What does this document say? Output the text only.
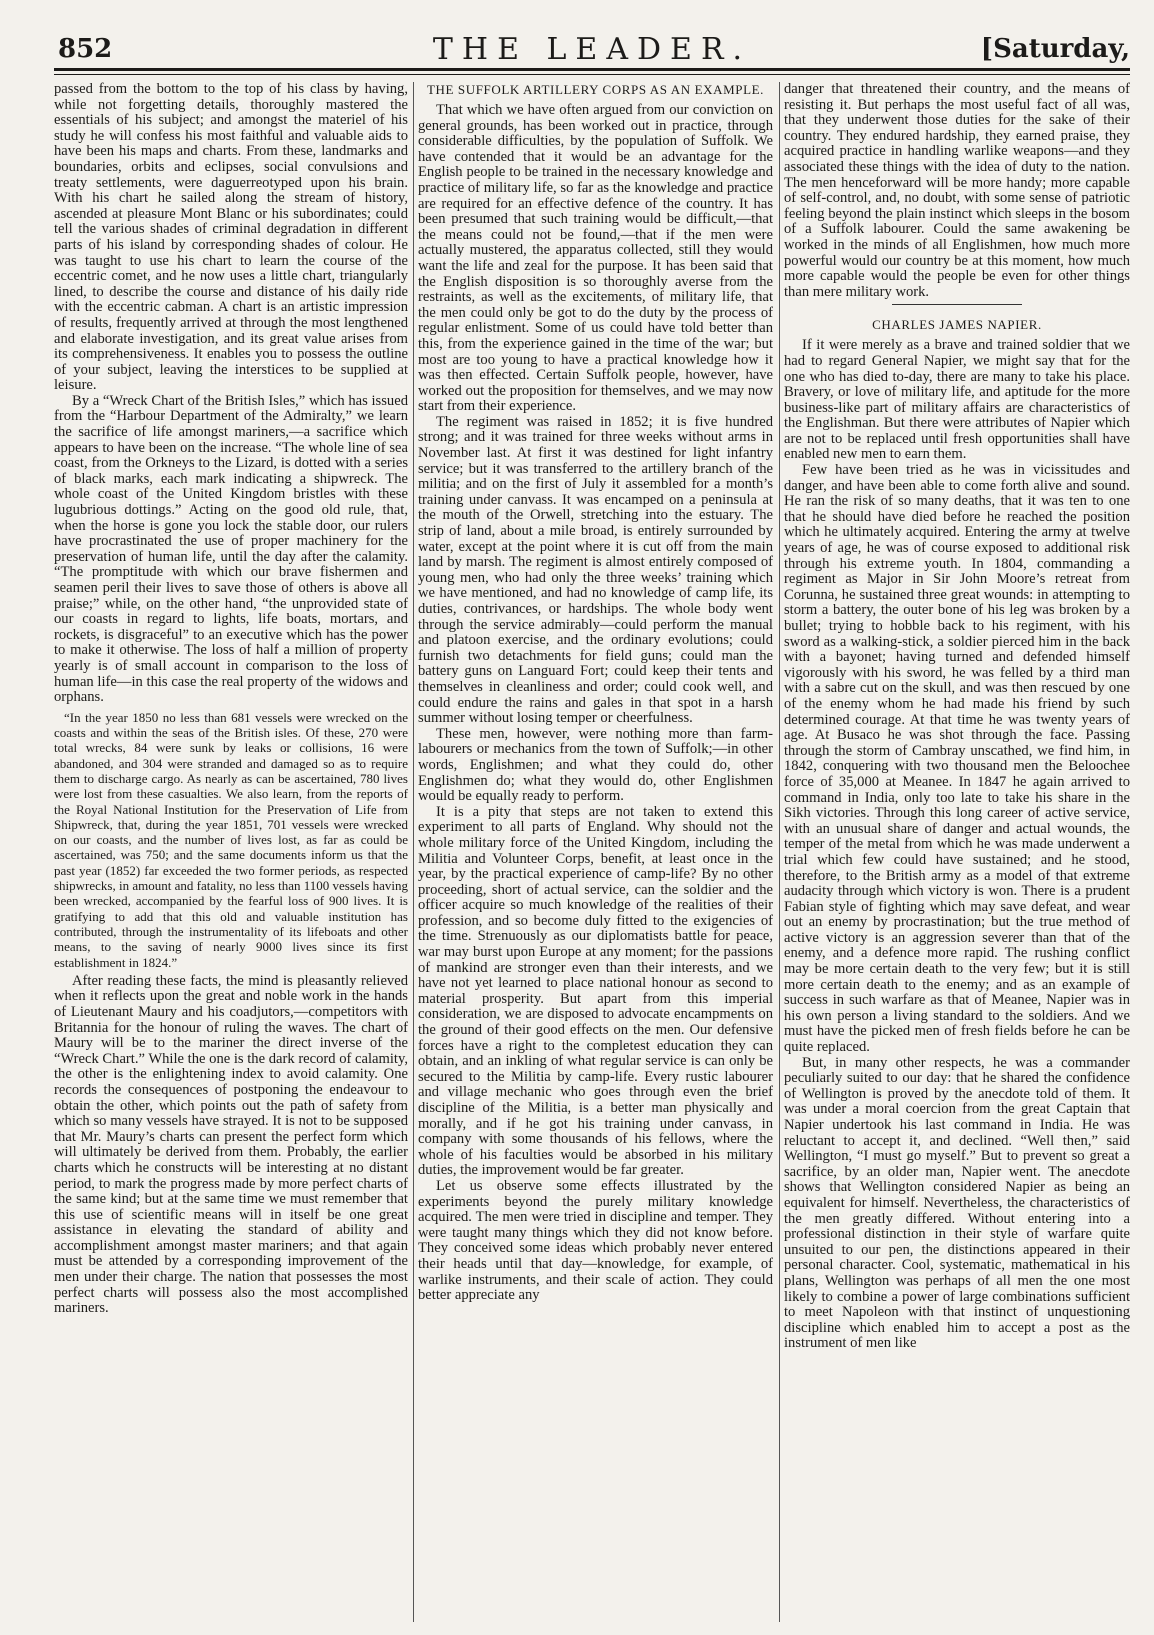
852	THE LEADER.	[Saturday,

passed from the bottom to the top of his class by having, while not forgetting details, thoroughly mastered the essentials of his subject; and amongst the materiel of his study he will confess his most faithful and valuable aids to have been his maps and charts. From these, landmarks and boundaries, orbits and eclipses, social convulsions and treaty settlements, were daguerreotyped upon his brain. With his chart he sailed along the stream of history, ascended at pleasure Mont Blanc or his subordinates; could tell the various shades of criminal degradation in different parts of his island by corresponding shades of colour. He was taught to use his chart to learn the course of the eccentric comet, and he now uses a little chart, triangularly lined, to describe the course and distance of his daily ride with the eccentric cabman. A chart is an artistic impression of results, frequently arrived at through the most lengthened and elaborate investigation, and its great value arises from its comprehensiveness. It enables you to possess the outline of your subject, leaving the interstices to be supplied at leisure.

By a “Wreck Chart of the British Isles,” which has issued from the “Harbour Department of the Admiralty,” we learn the sacrifice of life amongst mariners,—a sacrifice which appears to have been on the increase. “The whole line of sea coast, from the Orkneys to the Lizard, is dotted with a series of black marks, each mark indicating a shipwreck. The whole coast of the United Kingdom bristles with these lugubrious dottings.” Acting on the good old rule, that, when the horse is gone you lock the stable door, our rulers have procrastinated the use of proper machinery for the preservation of human life, until the day after the calamity. “The promptitude with which our brave fishermen and seamen peril their lives to save those of others is above all praise;” while, on the other hand, “the unprovided state of our coasts in regard to lights, life boats, mortars, and rockets, is disgraceful” to an executive which has the power to make it otherwise. The loss of half a million of property yearly is of small account in comparison to the loss of human life—in this case the real property of the widows and orphans.

“In the year 1850 no less than 681 vessels were wrecked on the coasts and within the seas of the British isles. Of these, 270 were total wrecks, 84 were sunk by leaks or collisions, 16 were abandoned, and 304 were stranded and damaged so as to require them to discharge cargo. As nearly as can be ascertained, 780 lives were lost from these casualties. We also learn, from the reports of the Royal National Institution for the Preservation of Life from Shipwreck, that, during the year 1851, 701 vessels were wrecked on our coasts, and the number of lives lost, as far as could be ascertained, was 750; and the same documents inform us that the past year (1852) far exceeded the two former periods, as respected shipwrecks, in amount and fatality, no less than 1100 vessels having been wrecked, accompanied by the fearful loss of 900 lives. It is gratifying to add that this old and valuable institution has contributed, through the instrumentality of its lifeboats and other means, to the saving of nearly 9000 lives since its first establishment in 1824.”

After reading these facts, the mind is pleasantly relieved when it reflects upon the great and noble work in the hands of Lieutenant Maury and his coadjutors,—competitors with Britannia for the honour of ruling the waves. The chart of Maury will be to the mariner the direct inverse of the “Wreck Chart.” While the one is the dark record of calamity, the other is the enlightening index to avoid calamity. One records the consequences of postponing the endeavour to obtain the other, which points out the path of safety from which so many vessels have strayed. It is not to be supposed that Mr. Maury’s charts can present the perfect form which will ultimately be derived from them. Probably, the earlier charts which he constructs will be interesting at no distant period, to mark the progress made by more perfect charts of the same kind; but at the same time we must remember that this use of scientific means will in itself be one great assistance in elevating the standard of ability and accomplishment amongst master mariners; and that again must be attended by a corresponding improvement of the men under their charge. The nation that possesses the most perfect charts will possess also the most accomplished mariners.

THE SUFFOLK ARTILLERY CORPS AS AN EXAMPLE.

That which we have often argued from our conviction on general grounds, has been worked out in practice, through considerable difficulties, by the population of Suffolk. We have contended that it would be an advantage for the English people to be trained in the necessary knowledge and practice of military life, so far as the knowledge and practice are required for an effective defence of the country. It has been presumed that such training would be difficult,—that the means could not be found,—that if the men were actually mustered, the apparatus collected, still they would want the life and zeal for the purpose. It has been said that the English disposition is so thoroughly averse from the restraints, as well as the excitements, of military life, that the men could only be got to do the duty by the process of regular enlistment. Some of us could have told better than this, from the experience gained in the time of the war; but most are too young to have a practical knowledge how it was then effected. Certain Suffolk people, however, have worked out the proposition for themselves, and we may now start from their experience.

The regiment was raised in 1852; it is five hundred strong; and it was trained for three weeks without arms in November last. At first it was destined for light infantry service; but it was transferred to the artillery branch of the militia; and on the first of July it assembled for a month’s training under canvass. It was encamped on a peninsula at the mouth of the Orwell, stretching into the estuary. The strip of land, about a mile broad, is entirely surrounded by water, except at the point where it is cut off from the main land by marsh. The regiment is almost entirely composed of young men, who had only the three weeks’ training which we have mentioned, and had no knowledge of camp life, its duties, contrivances, or hardships. The whole body went through the service admirably—could perform the manual and platoon exercise, and the ordinary evolutions; could furnish two detachments for field guns; could man the battery guns on Languard Fort; could keep their tents and themselves in cleanliness and order; could cook well, and could endure the rains and gales in that spot in a harsh summer without losing temper or cheerfulness.

These men, however, were nothing more than farm-labourers or mechanics from the town of Suffolk;—in other words, Englishmen; and what they could do, other Englishmen do; what they would do, other Englishmen would be equally ready to perform.

It is a pity that steps are not taken to extend this experiment to all parts of England. Why should not the whole military force of the United Kingdom, including the Militia and Volunteer Corps, benefit, at least once in the year, by the practical experience of camp-life? By no other proceeding, short of actual service, can the soldier and the officer acquire so much knowledge of the realities of their profession, and so become duly fitted to the exigencies of the time. Strenuously as our diplomatists battle for peace, war may burst upon Europe at any moment; for the passions of mankind are stronger even than their interests, and we have not yet learned to place national honour as second to material prosperity. But apart from this imperial consideration, we are disposed to advocate encampments on the ground of their good effects on the men. Our defensive forces have a right to the completest education they can obtain, and an inkling of what regular service is can only be secured to the Militia by camp-life. Every rustic labourer and village mechanic who goes through even the brief discipline of the Militia, is a better man physically and morally, and if he got his training under canvass, in company with some thousands of his fellows, where the whole of his faculties would be absorbed in his military duties, the improvement would be far greater.

Let us observe some effects illustrated by the experiments beyond the purely military knowledge acquired. The men were tried in discipline and temper. They were taught many things which they did not know before. They conceived some ideas which probably never entered their heads until that day—knowledge, for example, of warlike instruments, and their scale of action. They could better appreciate any

danger that threatened their country, and the means of resisting it. But perhaps the most useful fact of all was, that they underwent those duties for the sake of their country. They endured hardship, they earned praise, they acquired practice in handling warlike weapons—and they associated these things with the idea of duty to the nation. The men henceforward will be more handy; more capable of self-control, and, no doubt, with some sense of patriotic feeling beyond the plain instinct which sleeps in the bosom of a Suffolk labourer. Could the same awakening be worked in the minds of all Englishmen, how much more powerful would our country be at this moment, how much more capable would the people be even for other things than mere military work.

CHARLES JAMES NAPIER.

If it were merely as a brave and trained soldier that we had to regard General Napier, we might say that for the one who has died to-day, there are many to take his place. Bravery, or love of military life, and aptitude for the more business-like part of military affairs are characteristics of the Englishman. But there were attributes of Napier which are not to be replaced until fresh opportunities shall have enabled new men to earn them.

Few have been tried as he was in vicissitudes and danger, and have been able to come forth alive and sound. He ran the risk of so many deaths, that it was ten to one that he should have died before he reached the position which he ultimately acquired. Entering the army at twelve years of age, he was of course exposed to additional risk through his extreme youth. In 1804, commanding a regiment as Major in Sir John Moore’s retreat from Corunna, he sustained three great wounds: in attempting to storm a battery, the outer bone of his leg was broken by a bullet; trying to hobble back to his regiment, with his sword as a walking-stick, a soldier pierced him in the back with a bayonet; having turned and defended himself vigorously with his sword, he was felled by a third man with a sabre cut on the skull, and was then rescued by one of the enemy whom he had made his friend by such determined courage. At that time he was twenty years of age. At Busaco he was shot through the face. Passing through the storm of Cambray unscathed, we find him, in 1842, conquering with two thousand men the Beloochee force of 35,000 at Meanee. In 1847 he again arrived to command in India, only too late to take his share in the Sikh victories. Through this long career of active service, with an unusual share of danger and actual wounds, the temper of the metal from which he was made underwent a trial which few could have sustained; and he stood, therefore, to the British army as a model of that extreme audacity through which victory is won. There is a prudent Fabian style of fighting which may save defeat, and wear out an enemy by procrastination; but the true method of active victory is an aggression severer than that of the enemy, and a defence more rapid. The rushing conflict may be more certain death to the very few; but it is still more certain death to the enemy; and as an example of success in such warfare as that of Meanee, Napier was in his own person a living standard to the soldiers. And we must have the picked men of fresh fields before he can be quite replaced.

But, in many other respects, he was a commander peculiarly suited to our day: that he shared the confidence of Wellington is proved by the anecdote told of them. It was under a moral coercion from the great Captain that Napier undertook his last command in India. He was reluctant to accept it, and declined. “Well then,” said Wellington, “I must go myself.” But to prevent so great a sacrifice, by an older man, Napier went. The anecdote shows that Wellington considered Napier as being an equivalent for himself. Nevertheless, the characteristics of the men greatly differed. Without entering into a professional distinction in their style of warfare quite unsuited to our pen, the distinctions appeared in their personal character. Cool, systematic, mathematical in his plans, Wellington was perhaps of all men the one most likely to combine a power of large combinations sufficient to meet Napoleon with that instinct of unquestioning discipline which enabled him to accept a post as the instrument of men like
